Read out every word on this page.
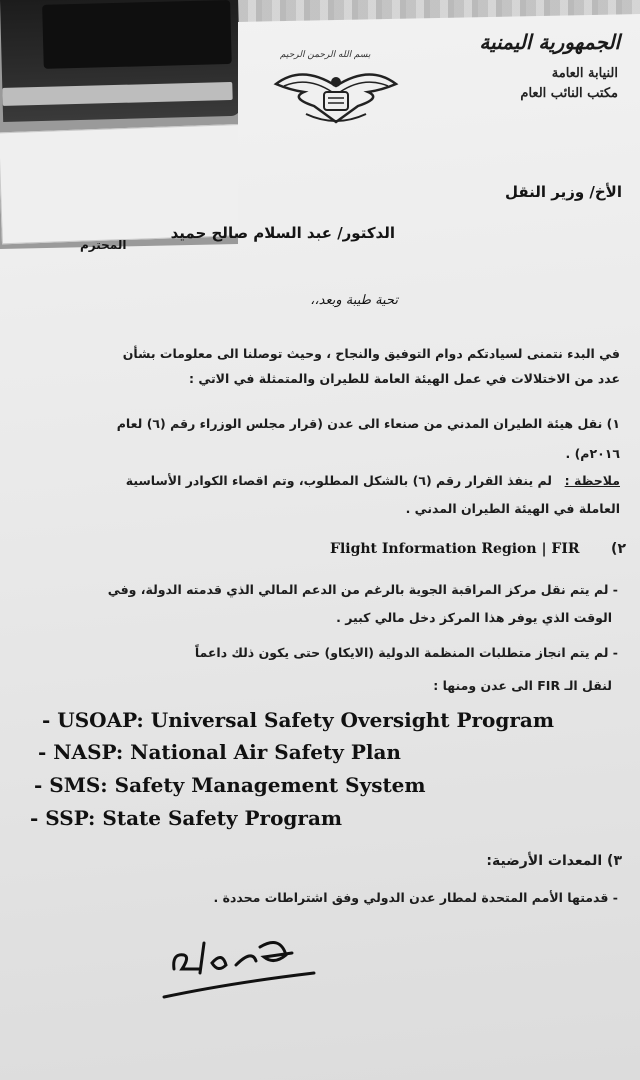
الجمهورية اليمنية
النيابة العامة
مكتب النائب العام
بسم الله الرحمن الرحيم
الأخ/ وزير النقل
الدكتور/ عبد السلام صالح حميد
المحترم
تحية طيبة وبعد،،
في البدء نتمنى لسيادتكم دوام التوفيق والنجاح ، وحيث توصلنا الى معلومات بشأن
عدد من الاختلالات في عمل الهيئة العامة للطيران والمتمثلة في الاتي :
١) نقل هيئة الطيران المدني من صنعاء الى عدن (قرار مجلس الوزراء رقم (٦) لعام
٢٠١٦م) .
ملاحظة :
لم ينفذ القرار رقم (٦) بالشكل المطلوب، وتم اقصاء الكوادر الأساسية
العاملة في الهيئة الطيران المدني .
٢)
Flight Information Region | FIR
- لم يتم نقل مركز المراقبة الجوية بالرغم من الدعم المالي الذي قدمته الدولة، وفي
الوقت الذي يوفر هذا المركز دخل مالي كبير .
- لم يتم انجاز متطلبات المنظمة الدولية (الايكاو) حتى يكون ذلك داعماً
لنقل الـ FIR الى عدن ومنها :
- USOAP: Universal Safety Oversight Program
- NASP: National Air Safety Plan
- SMS: Safety Management System
- SSP: State Safety Program
٣) المعدات الأرضية:
- قدمتها الأمم المتحدة لمطار عدن الدولي وفق اشتراطات محددة .
